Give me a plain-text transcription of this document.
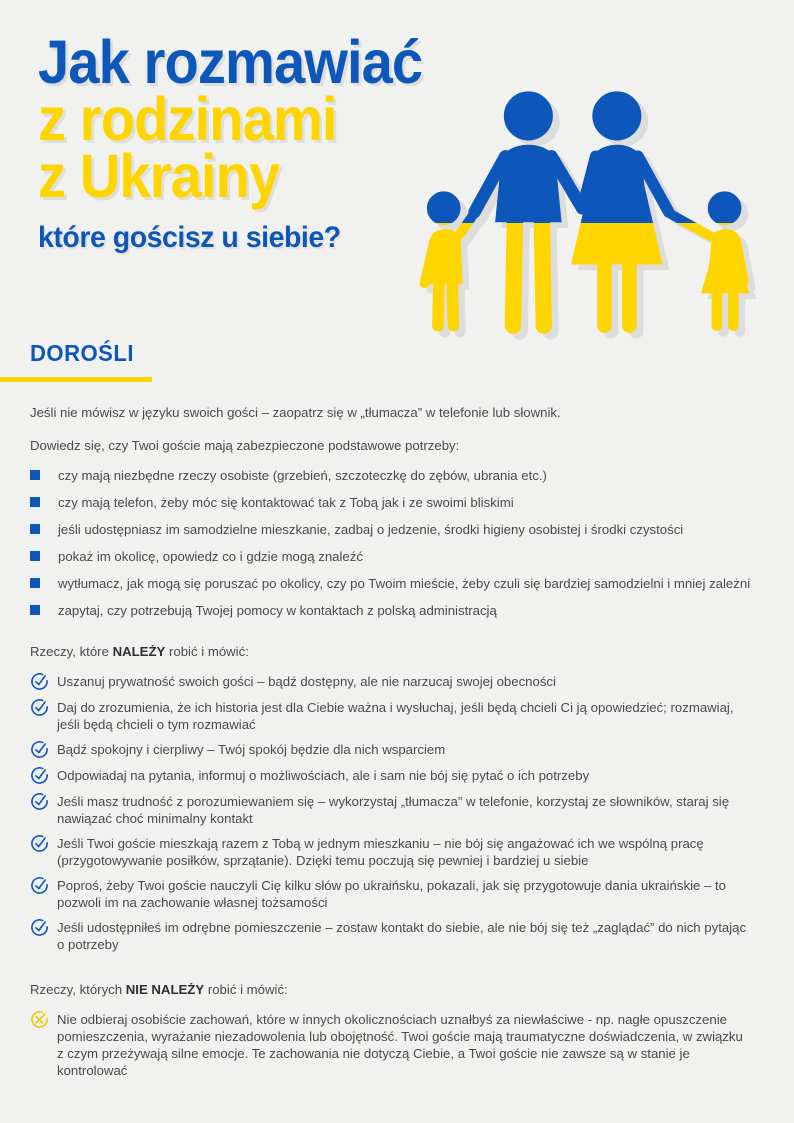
Jak rozmawiać
z rodzinami
z Ukrainy
które gościsz u siebie?
DOROŚLI

Jeśli nie mówisz w języku swoich gości – zaopatrz się w „tłumacza” w telefonie lub słownik.

Dowiedz się, czy Twoi goście mają zabezpieczone podstawowe potrzeby:

czy mają niezbędne rzeczy osobiste (grzebień, szczoteczkę do zębów, ubrania etc.)
czy mają telefon, żeby móc się kontaktować tak z Tobą jak i ze swoimi bliskimi
jeśli udostępniasz im samodzielne mieszkanie, zadbaj o jedzenie, środki higieny osobistej i środki czystości
pokaż im okolicę, opowiedz co i gdzie mogą znaleźć
wytłumacz, jak mogą się poruszać po okolicy, czy po Twoim mieście, żeby czuli się bardziej samodzielni i mniej zależni
zapytaj, czy potrzebują Twojej pomocy w kontaktach z polską administracją

Rzeczy, które NALEŻY robić i mówić:

Uszanuj prywatność swoich gości – bądź dostępny, ale nie narzucaj swojej obecności
Daj do zrozumienia, że ich historia jest dla Ciebie ważna i wysłuchaj, jeśli będą chcieli Ci ją opowiedzieć; rozmawiaj, jeśli będą chcieli o tym rozmawiać
Bądź spokojny i cierpliwy – Twój spokój będzie dla nich wsparciem
Odpowiadaj na pytania, informuj o możliwościach, ale i sam nie bój się pytać o ich potrzeby
Jeśli masz trudność z porozumiewaniem się – wykorzystaj „tłumacza” w telefonie, korzystaj ze słowników, staraj się nawiązać choć minimalny kontakt
Jeśli Twoi goście mieszkają razem z Tobą w jednym mieszkaniu – nie bój się angażować ich we wspólną pracę (przygotowywanie posiłków, sprzątanie). Dzięki temu poczują się pewniej i bardziej u siebie
Poproś, żeby Twoi goście nauczyli Cię kilku słów po ukraińsku, pokazali, jak się przygotowuje dania ukraińskie – to pozwoli im na zachowanie własnej tożsamości
Jeśli udostępniłeś im odrębne pomieszczenie – zostaw kontakt do siebie, ale nie bój się też „zaglądać” do nich pytając o potrzeby

Rzeczy, których NIE NALEŻY robić i mówić:

Nie odbieraj osobiście zachowań, które w innych okolicznościach uznałbyś za niewłaściwe - np. nagłe opuszczenie pomieszczenia, wyrażanie niezadowolenia lub obojętność. Twoi goście mają traumatyczne doświadczenia, w związku z czym przeżywają silne emocje. Te zachowania nie dotyczą Ciebie, a Twoi goście nie zawsze są w stanie je kontrolować
